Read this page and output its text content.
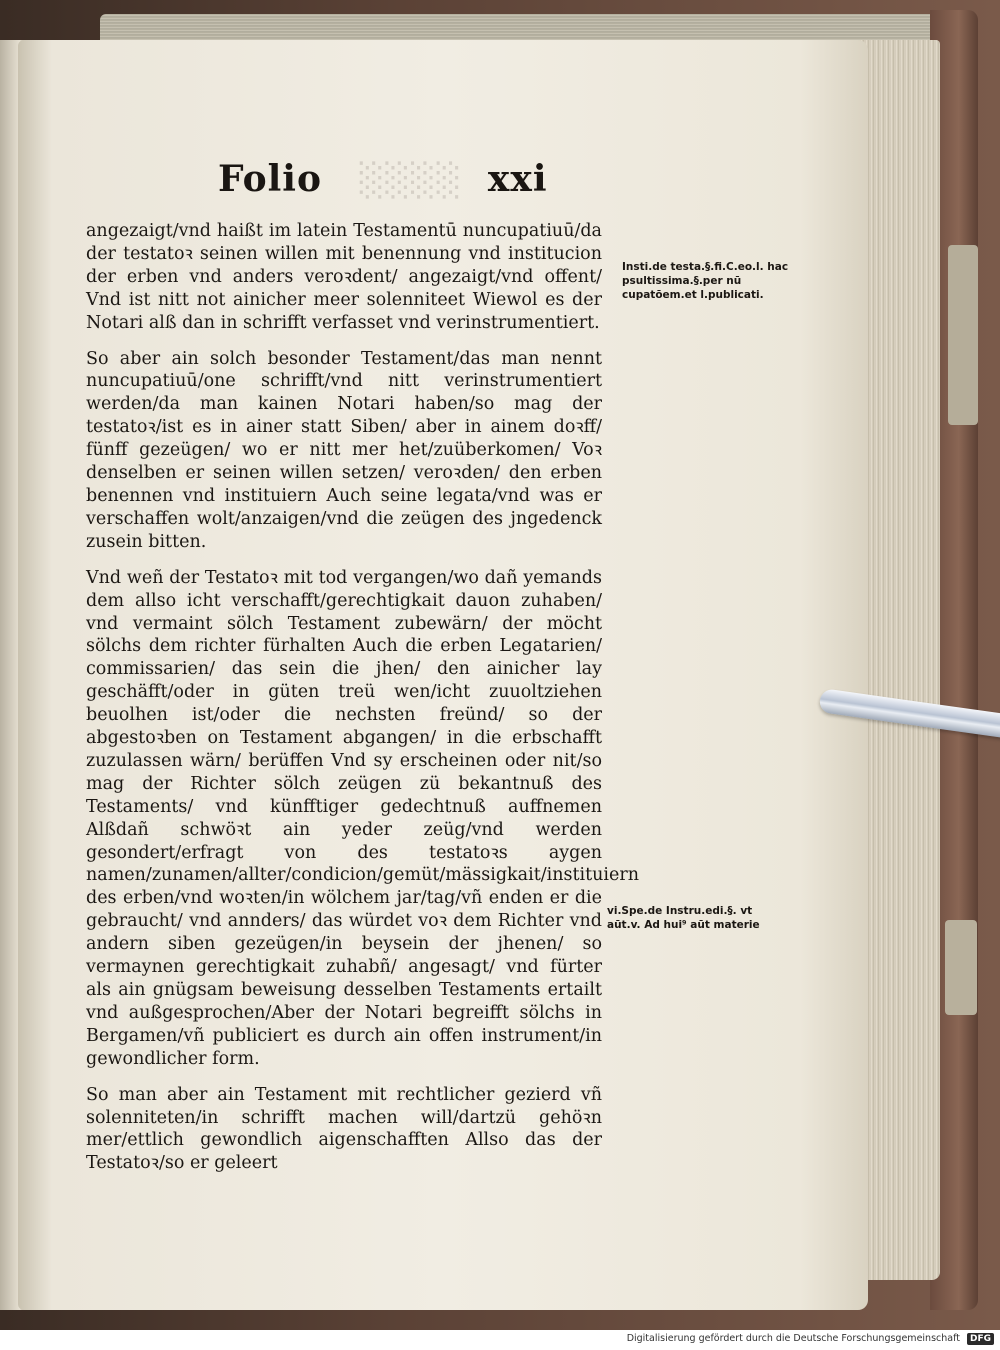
Folio   ░░░░  xxi

angezaigt/vnd haißt im latein Testamentū nuncupatiuū/da der testatoꝛ seinen willen mit benennung vnd institucion der erben vnd anders veroꝛdent/ angezaigt/vnd offent/ Vnd ist nitt not ainicher meer solenniteet Wiewol es der Notari alß dan in schrifft verfasset vnd verinstrumentiert.

So aber ain solch besonder Testament/das man nennt nuncupatiuū/one schrifft/vnd nitt verinstrumentiert werden/da man kainen Notari haben/so mag der testatoꝛ/ist es in ainer statt Siben/ aber in ainem doꝛff/ fünff gezeügen/ wo er nitt mer het/zuüberkomen/ Voꝛ denselben er seinen willen setzen/ veroꝛden/ den erben benennen vnd instituiern Auch seine legata/vnd was er verschaffen wolt/anzaigen/vnd die zeügen des jngedenck zusein bitten.

Vnd weñ der Testatoꝛ mit tod vergangen/wo dañ yemands dem allso icht verschafft/gerechtigkait dauon zuhaben/ vnd vermaint sölch Testament zubewärn/ der möcht sölchs dem richter fürhalten Auch die erben Legatarien/ commissarien/ das sein die jhen/ den ainicher lay geschäfft/oder in güten treü wen/icht zuuoltziehen beuolhen ist/oder die nechsten freünd/ so der abgestoꝛben on Testament abgangen/ in die erbschafft zuzulassen wärn/ berüffen Vnd sy erscheinen oder nit/so mag der Richter sölch zeügen zü bekantnuß des Testaments/ vnd künfftiger gedechtnuß auffnemen Alßdañ schwöꝛt ain yeder zeüg/vnd werden gesondert/erfragt von des testatoꝛs aygen namen/zunamen/allter/condicion/gemüt/mässigkait/instituiern des erben/vnd woꝛten/in wölchem jar/tag/vñ enden er die gebraucht/ vnd annders/ das würdet voꝛ dem Richter vnd andern siben gezeügen/in beysein der jhenen/ so vermaynen gerechtigkait zuhabñ/ angesagt/ vnd fürter als ain gnügsam beweisung desselben Testaments ertailt vnd außgesprochen/Aber der Notari begreifft sölchs in Bergamen/vñ publiciert es durch ain offen instrument/in gewondlicher form.

So man aber ain Testament mit rechtlicher gezierd vñ solenniteten/in schrifft machen will/dartzü gehöꝛn mer/ettlich gewondlich aigenschafften Allso das der Testatoꝛ/so er geleert

Insti.de testa.§.fi.C.eo.l. hac psultissima.§.per nū cupatōem.et l.publicati.
vi.Spe.de Instru.edi.§. vt aūt.v. Ad hui⁹ aūt materie
Digitalisierung gefördert durch die Deutsche Forschungsgemeinschaft	DFG
